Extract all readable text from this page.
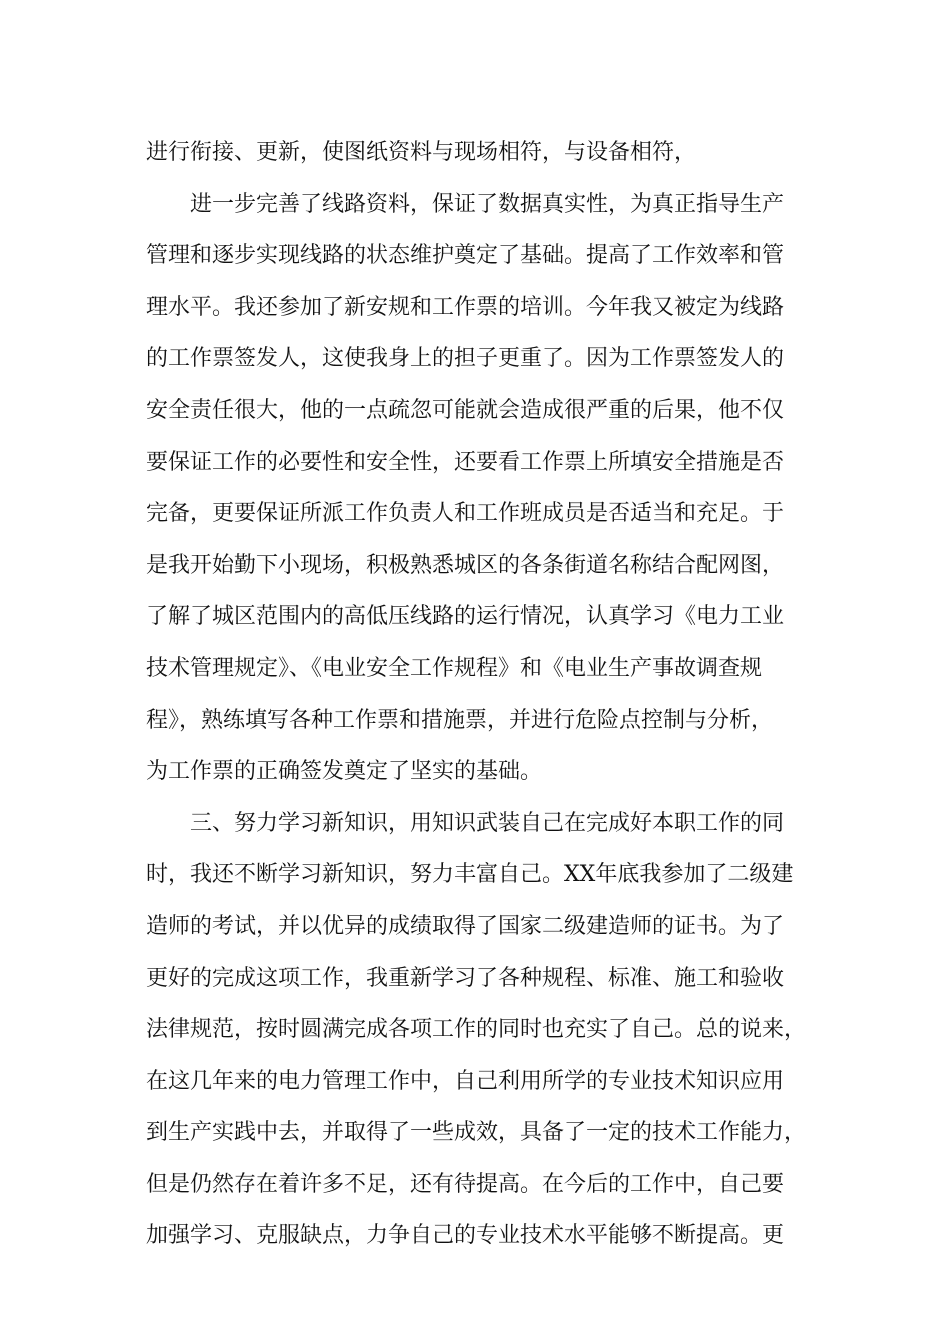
进行衔接、更新，使图纸资料与现场相符，与设备相符，
进一步完善了线路资料，保证了数据真实性，为真正指导生产
管理和逐步实现线路的状态维护奠定了基础。提高了工作效率和管
理水平。我还参加了新安规和工作票的培训。今年我又被定为线路
的工作票签发人，这使我身上的担子更重了。因为工作票签发人的
安全责任很大，他的一点疏忽可能就会造成很严重的后果，他不仅
要保证工作的必要性和安全性，还要看工作票上所填安全措施是否
完备，更要保证所派工作负责人和工作班成员是否适当和充足。于
是我开始勤下小现场，积极熟悉城区的各条街道名称结合配网图，
了解了城区范围内的高低压线路的运行情况，认真学习《电力工业
技术管理规定》、《电业安全工作规程》和《电业生产事故调查规
程》，熟练填写各种工作票和措施票，并进行危险点控制与分析，
为工作票的正确签发奠定了坚实的基础。
三、努力学习新知识，用知识武装自己在完成好本职工作的同
时，我还不断学习新知识，努力丰富自己。XX年底我参加了二级建
造师的考试，并以优异的成绩取得了国家二级建造师的证书。为了
更好的完成这项工作，我重新学习了各种规程、标准、施工和验收
法律规范，按时圆满完成各项工作的同时也充实了自己。总的说来，
在这几年来的电力管理工作中，自己利用所学的专业技术知识应用
到生产实践中去，并取得了一些成效，具备了一定的技术工作能力，
但是仍然存在着许多不足，还有待提高。在今后的工作中，自己要
加强学习、克服缺点，力争自己的专业技术水平能够不断提高。更
